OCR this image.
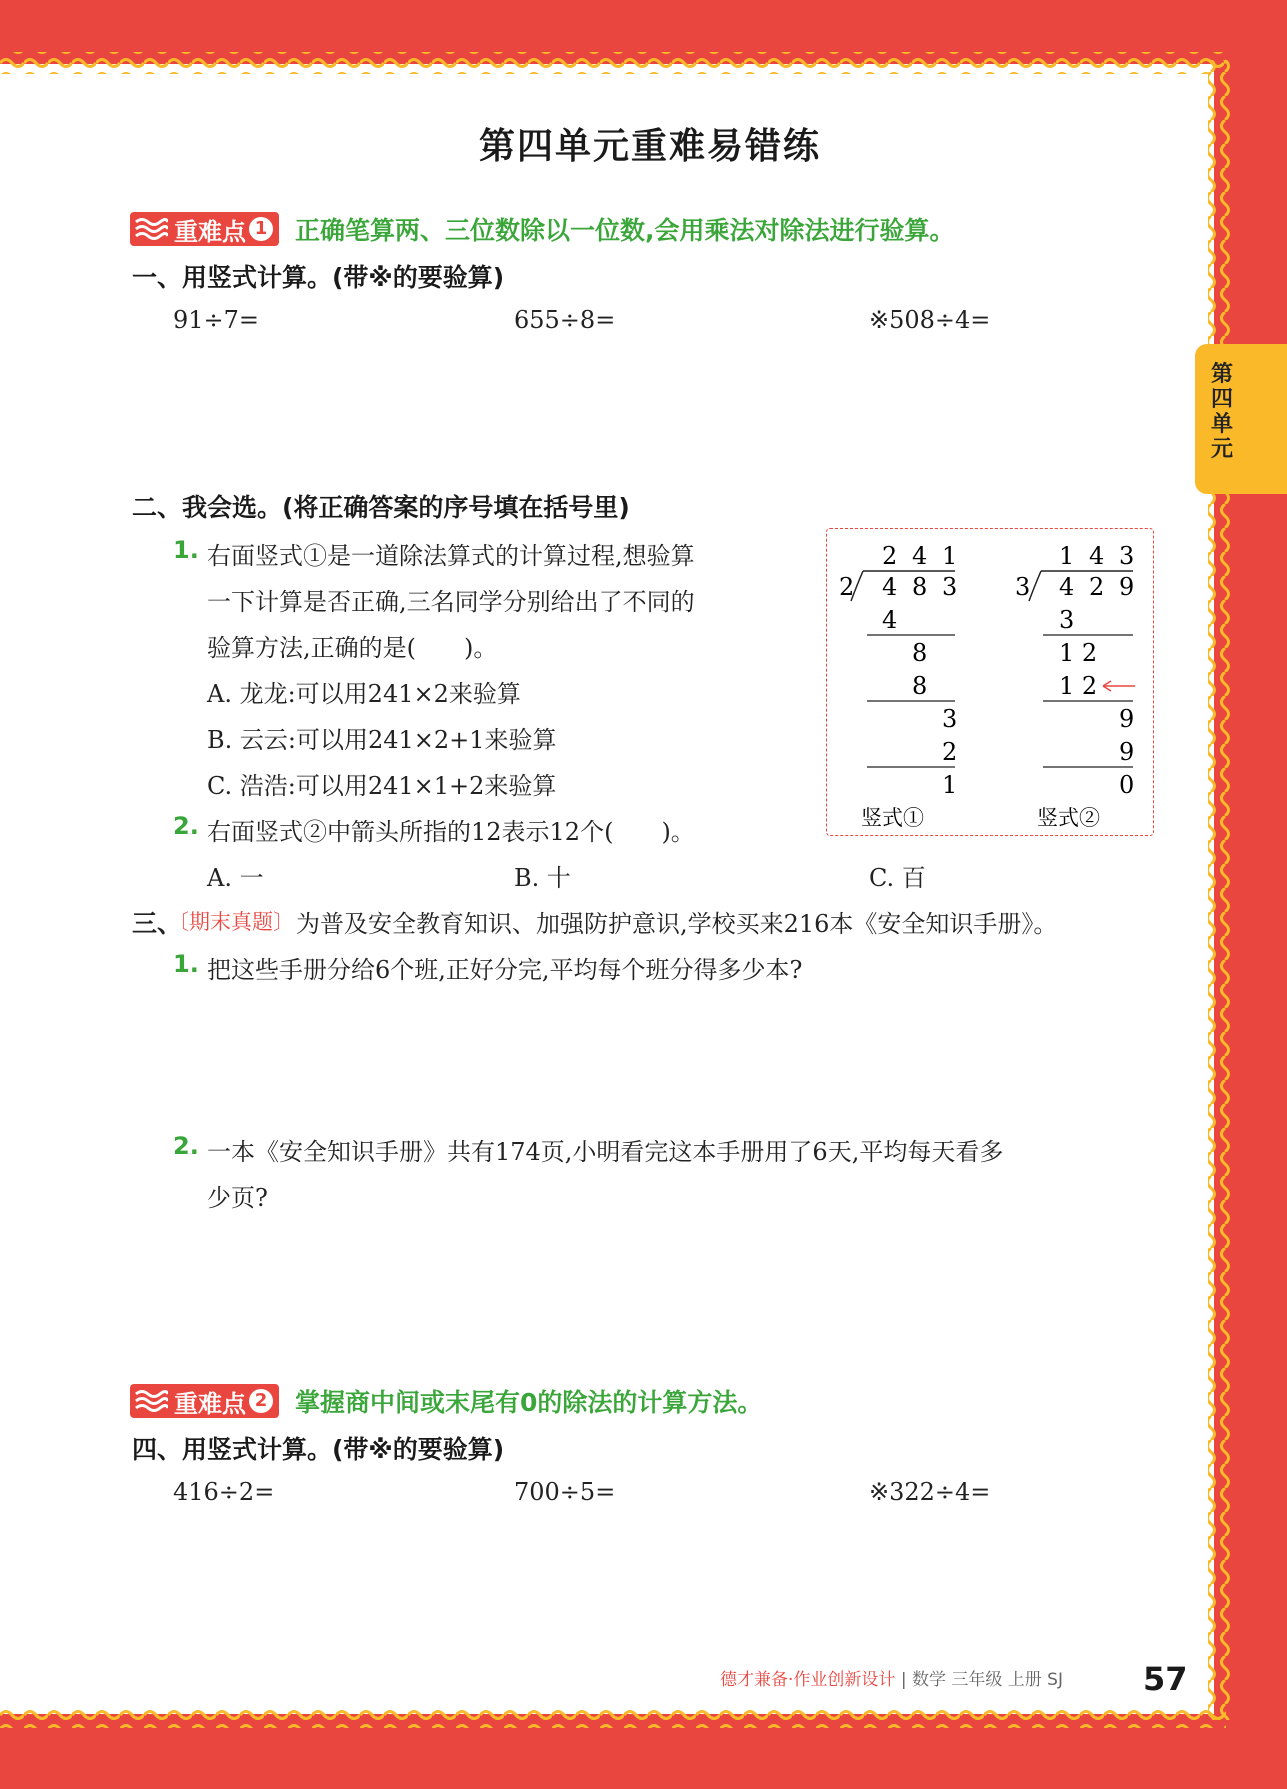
第四单元重难易错练
第四单元
重难点 1 正确笔算两、三位数除以一位数,会用乘法对除法进行验算。
一、用竖式计算。(带※的要验算)
91÷7=	655÷8=	※508÷4=
二、我会选。(将正确答案的序号填在括号里)
1. 右面竖式①是一道除法算式的计算过程,想验算
一下计算是否正确,三名同学分别给出了不同的
验算方法,正确的是(　　)。
A. 龙龙:可以用241×2来验算
B. 云云:可以用241×2+1来验算
C. 浩浩:可以用241×1+2来验算
2. 右面竖式②中箭头所指的12表示12个(　　)。
A. 一	B. 十	C. 百
2 4 1
2 4 8 3
4
8
8
3
2
1
竖式①
1 4 3
3 4 2 9
3
1 2
1 2
9
9
0
竖式②
三、
〔期末真题〕 为普及安全教育知识、加强防护意识,学校买来216本《安全知识手册》。
1. 把这些手册分给6个班,正好分完,平均每个班分得多少本?
2. 一本《安全知识手册》共有174页,小明看完这本手册用了6天,平均每天看多
少页?
重难点 2 掌握商中间或末尾有0的除法的计算方法。
四、用竖式计算。(带※的要验算)
416÷2=	700÷5=	※322÷4=
德才兼备·作业创新设计 | 数学 三年级 上册 SJ	57
